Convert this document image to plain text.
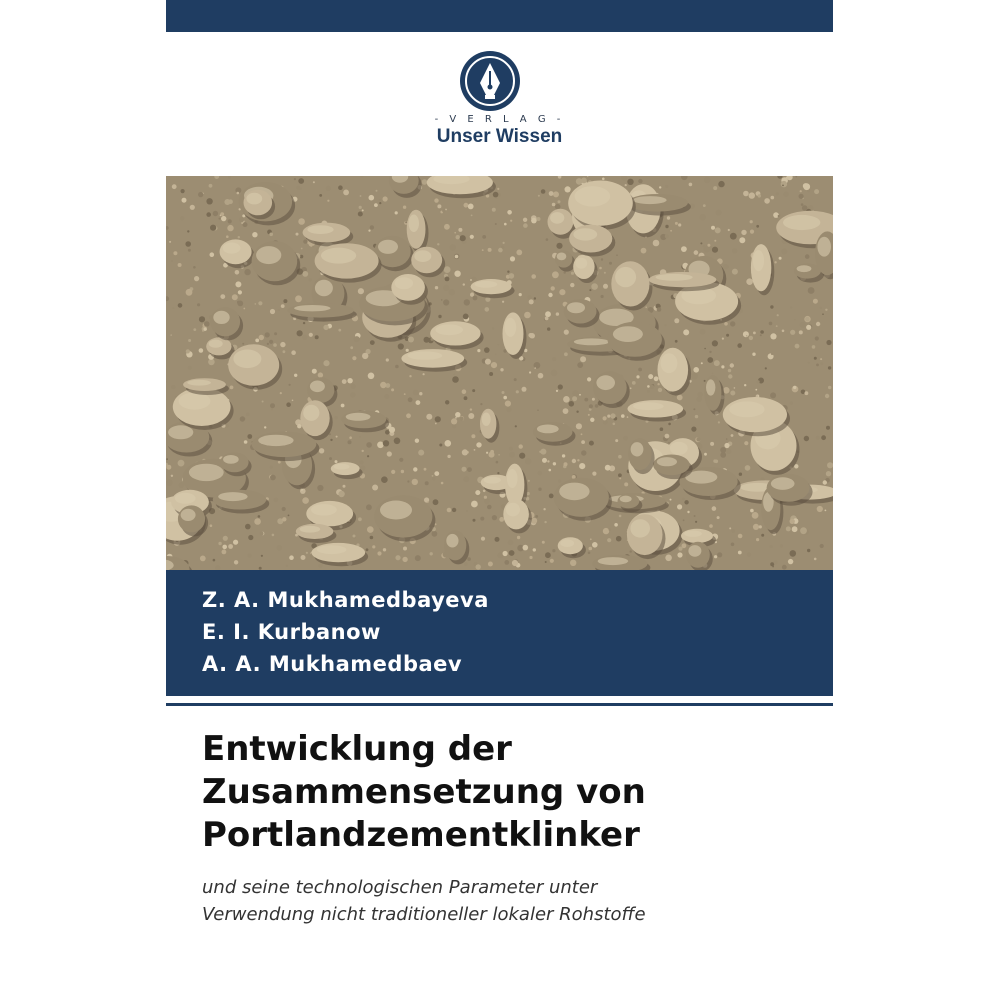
- V E R L A G -
Unser Wissen
Z. A. Mukhamedbayeva
E. I. Kurbanow
A. A. Mukhamedbaev
Entwicklung der
Zusammensetzung von
Portlandzementklinker
und seine technologischen Parameter unter
Verwendung nicht traditioneller lokaler Rohstoffe
